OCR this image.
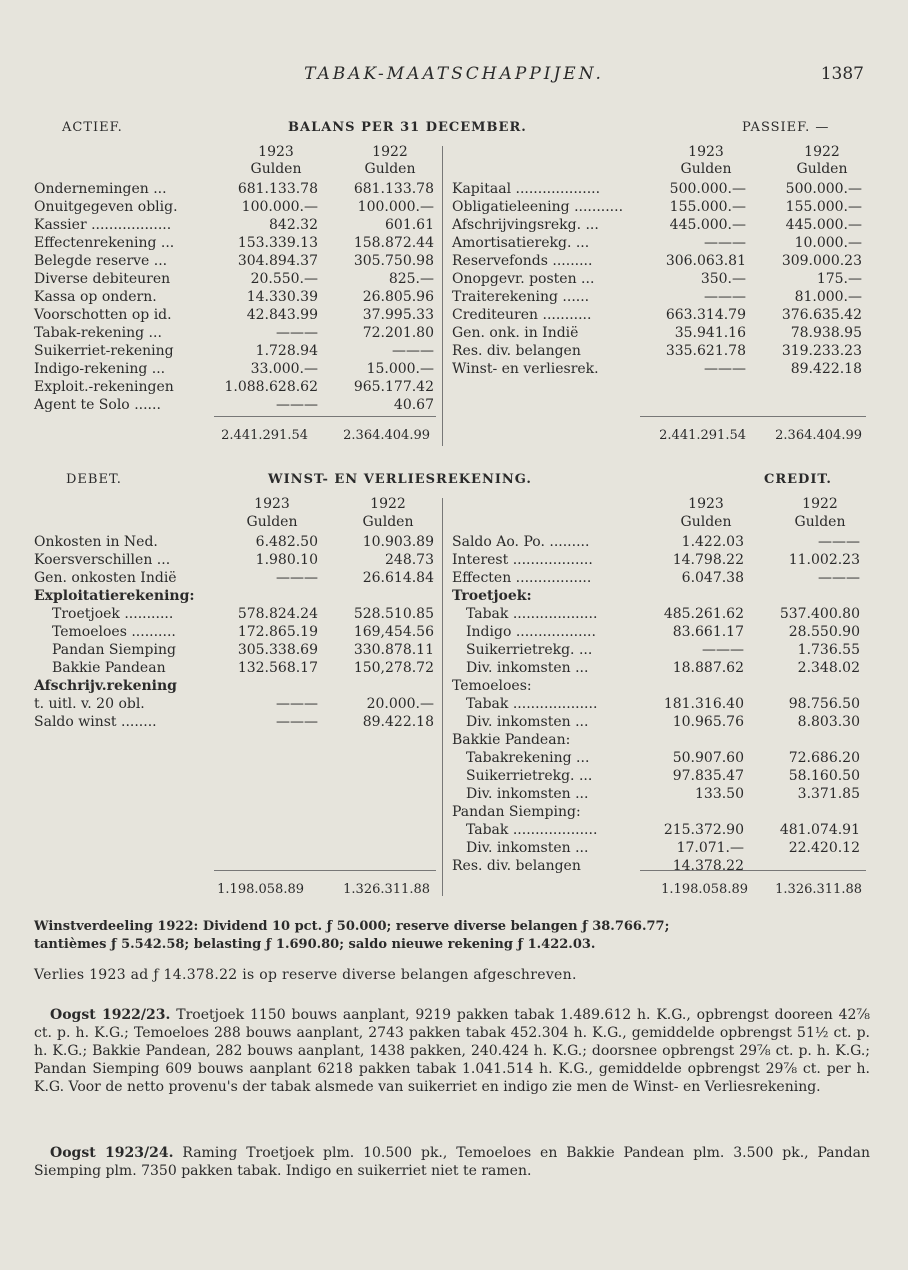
TABAK-MAATSCHAPPIJEN.	1387
ACTIEF.	BALANS PER 31 DECEMBER.	PASSIEF. —
1923	1922
Gulden	Gulden
1923	1922
Gulden	Gulden
Ondernemingen ...	681.133.78	681.133.78
Onuitgegeven oblig.	100.000.—	100.000.—
Kassier ..................	842.32	601.61
Effectenrekening ...	153.339.13	158.872.44
Belegde reserve ...	304.894.37	305.750.98
Diverse debiteuren	20.550.—	825.—
Kassa op ondern.	14.330.39	26.805.96
Voorschotten op id.	42.843.99	37.995.33
Tabak-rekening ...	———	72.201.80
Suikerriet-rekening	1.728.94	———
Indigo-rekening ...	33.000.—	15.000.—
Exploit.-rekeningen	1.088.628.62	965.177.42
Agent te Solo ......	———	40.67
Kapitaal ...................	500.000.—	500.000.—
Obligatieleening ...........	155.000.—	155.000.—
Afschrijvingsrekg. ...	445.000.—	445.000.—
Amortisatierekg. ...	———	10.000.—
Reservefonds .........	306.063.81	309.000.23
Onopgevr. posten ...	350.—	175.—
Traiterekening ......	———	81.000.—
Crediteuren ...........	663.314.79	376.635.42
Gen. onk. in Indië	35.941.16	78.938.95
Res. div. belangen	335.621.78	319.233.23
Winst- en verliesrek.	———	89.422.18
2.441.291.54	2.364.404.99	2.441.291.54 2.364.404.99
DEBET.	WINST- EN VERLIESREKENING.	CREDIT.
1923	1922
Gulden	Gulden
1923	1922
Gulden	Gulden
Onkosten in Ned.	6.482.50	10.903.89
Koersverschillen ...	1.980.10	248.73
Gen. onkosten Indië	———	26.614.84
Exploitatierekening:
Troetjoek ...........	578.824.24	528.510.85
Temoeloes ..........	172.865.19	169,454.56
Pandan Siemping	305.338.69	330.878.11
Bakkie Pandean	132.568.17	150,278.72
Afschrijv.rekening
t. uitl. v. 20 obl.	———	20.000.—
Saldo winst ........	———	89.422.18
Saldo Ao. Po. .........	1.422.03	———
Interest ..................	14.798.22	11.002.23
Effecten .................	6.047.38	———
Troetjoek:
Tabak ...................	485.261.62	537.400.80
Indigo ..................	83.661.17	28.550.90
Suikerrietrekg. ...	———	1.736.55
Div. inkomsten ...	18.887.62	2.348.02
Temoeloes:
Tabak ...................	181.316.40	98.756.50
Div. inkomsten ...	10.965.76	8.803.30
Bakkie Pandean:
Tabakrekening ...	50.907.60	72.686.20
Suikerrietrekg. ...	97.835.47	58.160.50
Div. inkomsten ...	133.50	3.371.85
Pandan Siemping:
Tabak ...................	215.372.90	481.074.91
Div. inkomsten ...	17.071.—	22.420.12
Res. div. belangen	14.378.22
1.198.058.89	1.326.311.88	1.198.058.89 1.326.311.88

Winstverdeeling 1922: Dividend 10 pct. ƒ 50.000; reserve diverse belangen ƒ 38.766.77;

tantièmes ƒ 5.542.58; belasting ƒ 1.690.80; saldo nieuwe rekening ƒ 1.422.03.

Verlies 1923 ad ƒ 14.378.22 is op reserve diverse belangen afgeschreven.
Oogst 1922/23. Troetjoek 1150 bouws aanplant, 9219 pakken tabak 1.489.612 h. K.G., opbrengst dooreen 42⅞ ct. p. h. K.G.; Temoeloes 288 bouws aanplant, 2743 pakken tabak 452.304 h. K.G., gemiddelde opbrengst 51½ ct. p. h. K.G.; Bakkie Pandean, 282 bouws aanplant, 1438 pakken, 240.424 h. K.G.; doorsnee opbrengst 29⅞ ct. p. h. K.G.; Pandan Siemping 609 bouws aanplant 6218 pakken tabak 1.041.514 h. K.G., gemiddelde opbrengst 29⅞ ct. per h. K.G. Voor de netto provenu's der tabak alsmede van suikerriet en indigo zie men de Winst- en Verliesrekening.
Oogst 1923/24. Raming Troetjoek plm. 10.500 pk., Temoeloes en Bakkie Pandean plm. 3.500 pk., Pandan Siemping plm. 7350 pakken tabak. Indigo en suikerriet niet te ramen.
